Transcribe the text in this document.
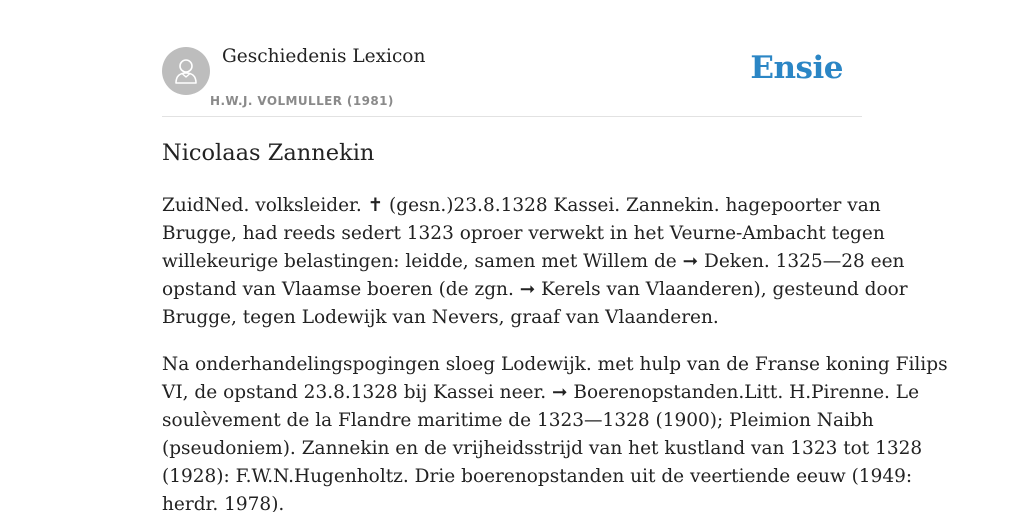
Geschiedenis Lexicon
H.W.J. VOLMULLER (1981)
Ensie
Nicolaas Zannekin

ZuidNed. volksleider. ✝ (gesn.)23.8.1328 Kassei. Zannekin. hagepoorter van
Brugge, had reeds sedert 1323 oproer verwekt in het Veurne-Ambacht tegen
willekeurige belastingen: leidde, samen met Willem de ➞ Deken. 1325—28 een
opstand van Vlaamse boeren (de zgn. ➞ Kerels van Vlaanderen), gesteund door
Brugge, tegen Lodewijk van Nevers, graaf van Vlaanderen.

Na onderhandelingspogingen sloeg Lodewijk. met hulp van de Franse koning Filips
VI, de opstand 23.8.1328 bij Kassei neer. ➞ Boerenopstanden.Litt. H.Pirenne. Le
soulèvement de la Flandre maritime de 1323—1328 (1900); Pleimion Naibh
(pseudoniem). Zannekin en de vrijheidsstrijd van het kustland van 1323 tot 1328
(1928): F.W.N.Hugenholtz. Drie boerenopstanden uit de veertiende eeuw (1949:
herdr. 1978).
